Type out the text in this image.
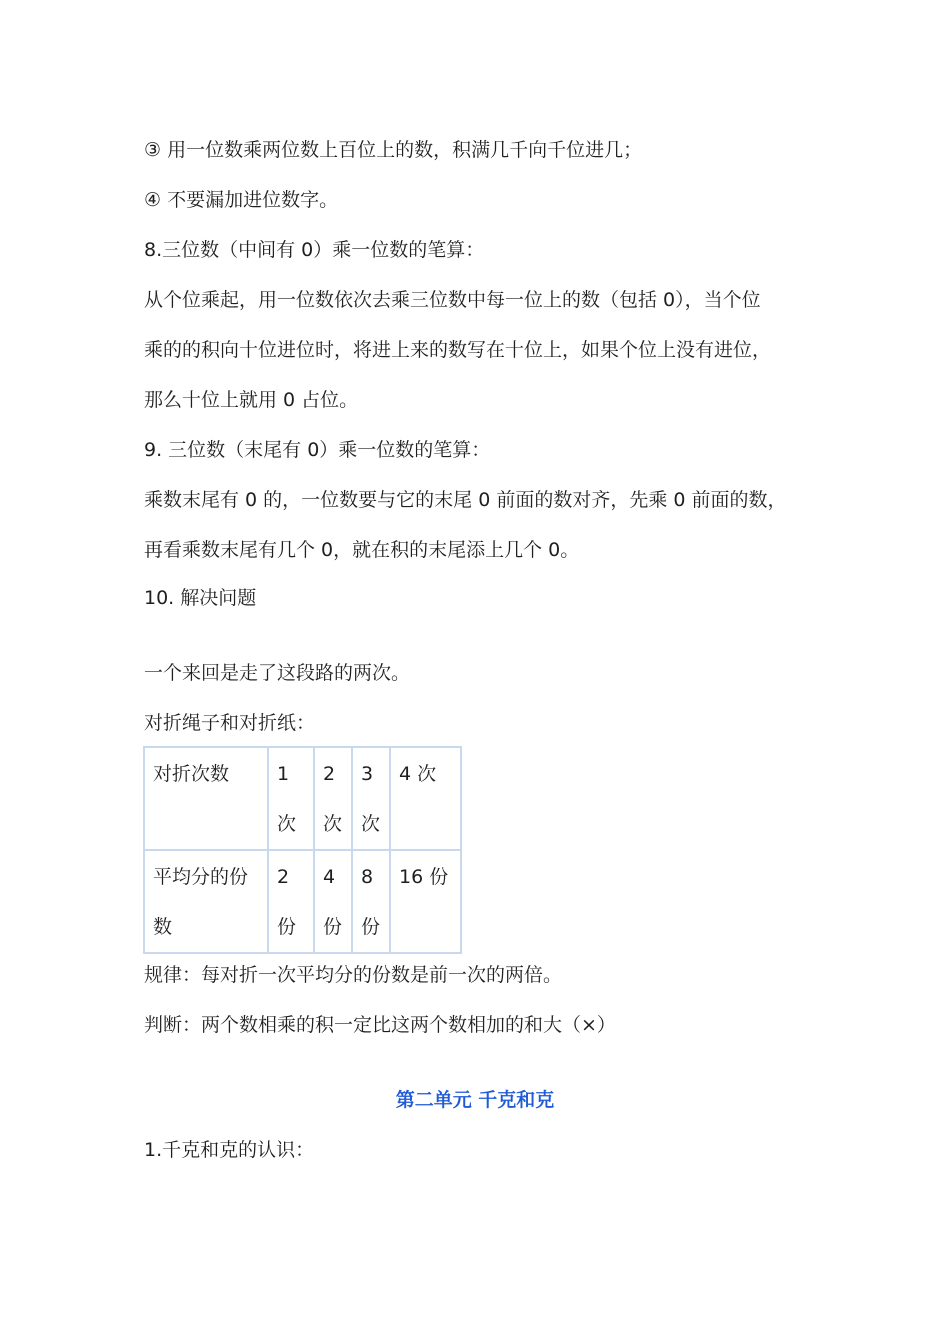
③ 用一位数乘两位数上百位上的数，积满几千向千位进几；
④ 不要漏加进位数字。
8.三位数（中间有 0）乘一位数的笔算：
从个位乘起，用一位数依次去乘三位数中每一位上的数（包括 0），当个位
乘的的积向十位进位时，将进上来的数写在十位上，如果个位上没有进位，
那么十位上就用 0 占位。
9. 三位数（末尾有 0）乘一位数的笔算：
乘数末尾有 0 的，一位数要与它的末尾 0 前面的数对齐，先乘 0 前面的数，
再看乘数末尾有几个 0，就在积的末尾添上几个 0。
10. 解决问题
一个来回是走了这段路的两次。
对折绳子和对折纸：
对折次数	1 次	2 次	3 次	4 次

平均分的份数	2 份	4 份	8 份	16 份
规律：每对折一次平均分的份数是前一次的两倍。
判断：两个数相乘的积一定比这两个数相加的和大（×）
第二单元 千克和克
1.千克和克的认识：
